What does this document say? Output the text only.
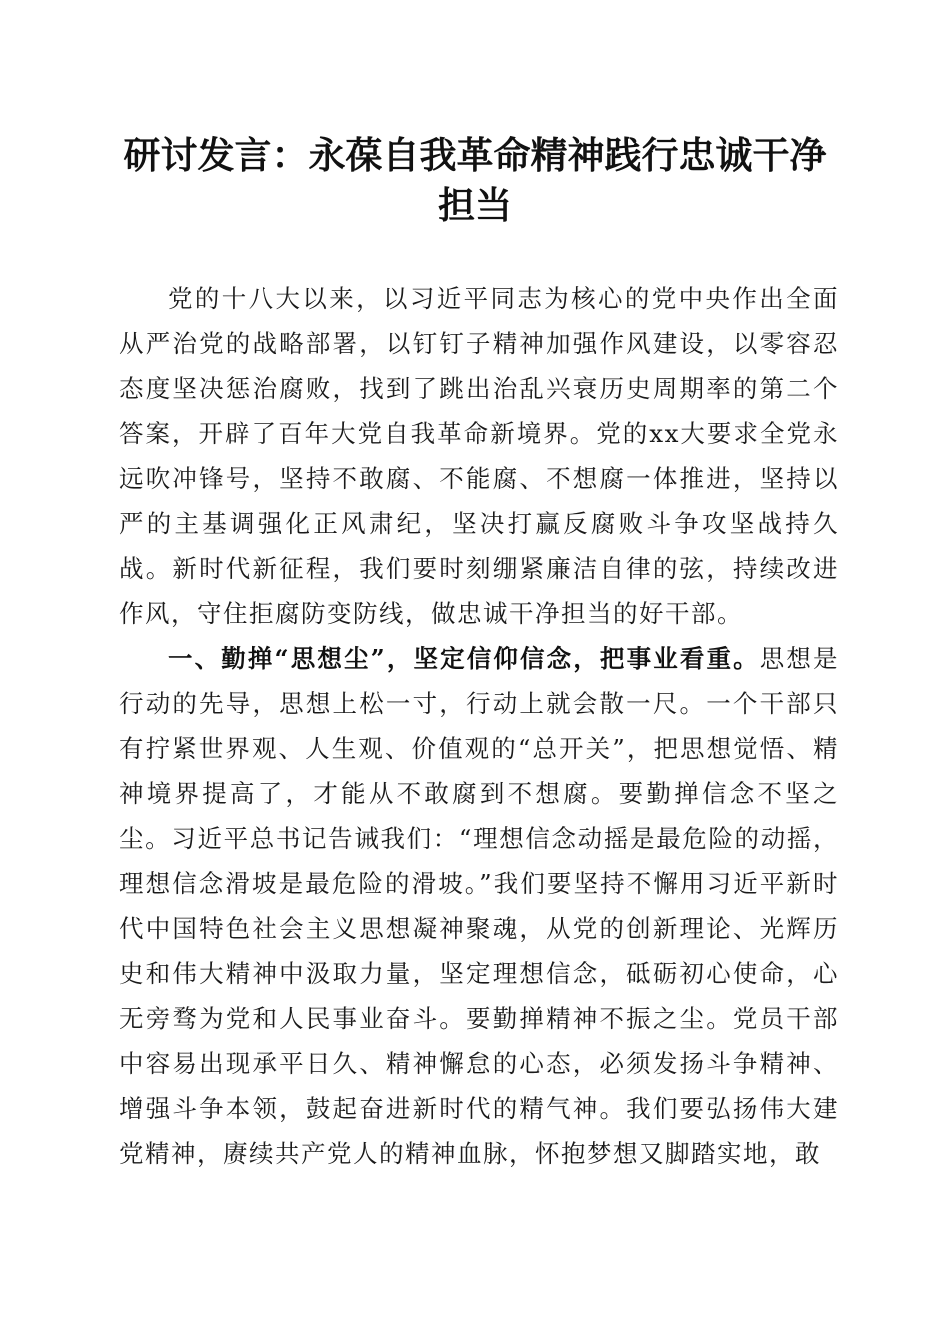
研讨发言：永葆自我革命精神践行忠诚干净担当

党的十八大以来，以习近平同志为核心的党中央作出全面从严治党的战略部署，以钉钉子精神加强作风建设，以零容忍态度坚决惩治腐败，找到了跳出治乱兴衰历史周期率的第二个答案，开辟了百年大党自我革命新境界。党的xx大要求全党永远吹冲锋号，坚持不敢腐、不能腐、不想腐一体推进，坚持以严的主基调强化正风肃纪，坚决打赢反腐败斗争攻坚战持久战。新时代新征程，我们要时刻绷紧廉洁自律的弦，持续改进作风，守住拒腐防变防线，做忠诚干净担当的好干部。

一、勤掸“思想尘”，坚定信仰信念，把事业看重。思想是行动的先导，思想上松一寸，行动上就会散一尺。一个干部只有拧紧世界观、人生观、价值观的“总开关”，把思想觉悟、精神境界提高了，才能从不敢腐到不想腐。要勤掸信念不坚之尘。习近平总书记告诫我们：“理想信念动摇是最危险的动摇，理想信念滑坡是最危险的滑坡。”我们要坚持不懈用习近平新时代中国特色社会主义思想凝神聚魂，从党的创新理论、光辉历史和伟大精神中汲取力量，坚定理想信念，砥砺初心使命，心无旁骛为党和人民事业奋斗。要勤掸精神不振之尘。党员干部中容易出现承平日久、精神懈怠的心态，必须发扬斗争精神、增强斗争本领，鼓起奋进新时代的精气神。我们要弘扬伟大建党精神，赓续共产党人的精神血脉，怀抱梦想又脚踏实地，敢
